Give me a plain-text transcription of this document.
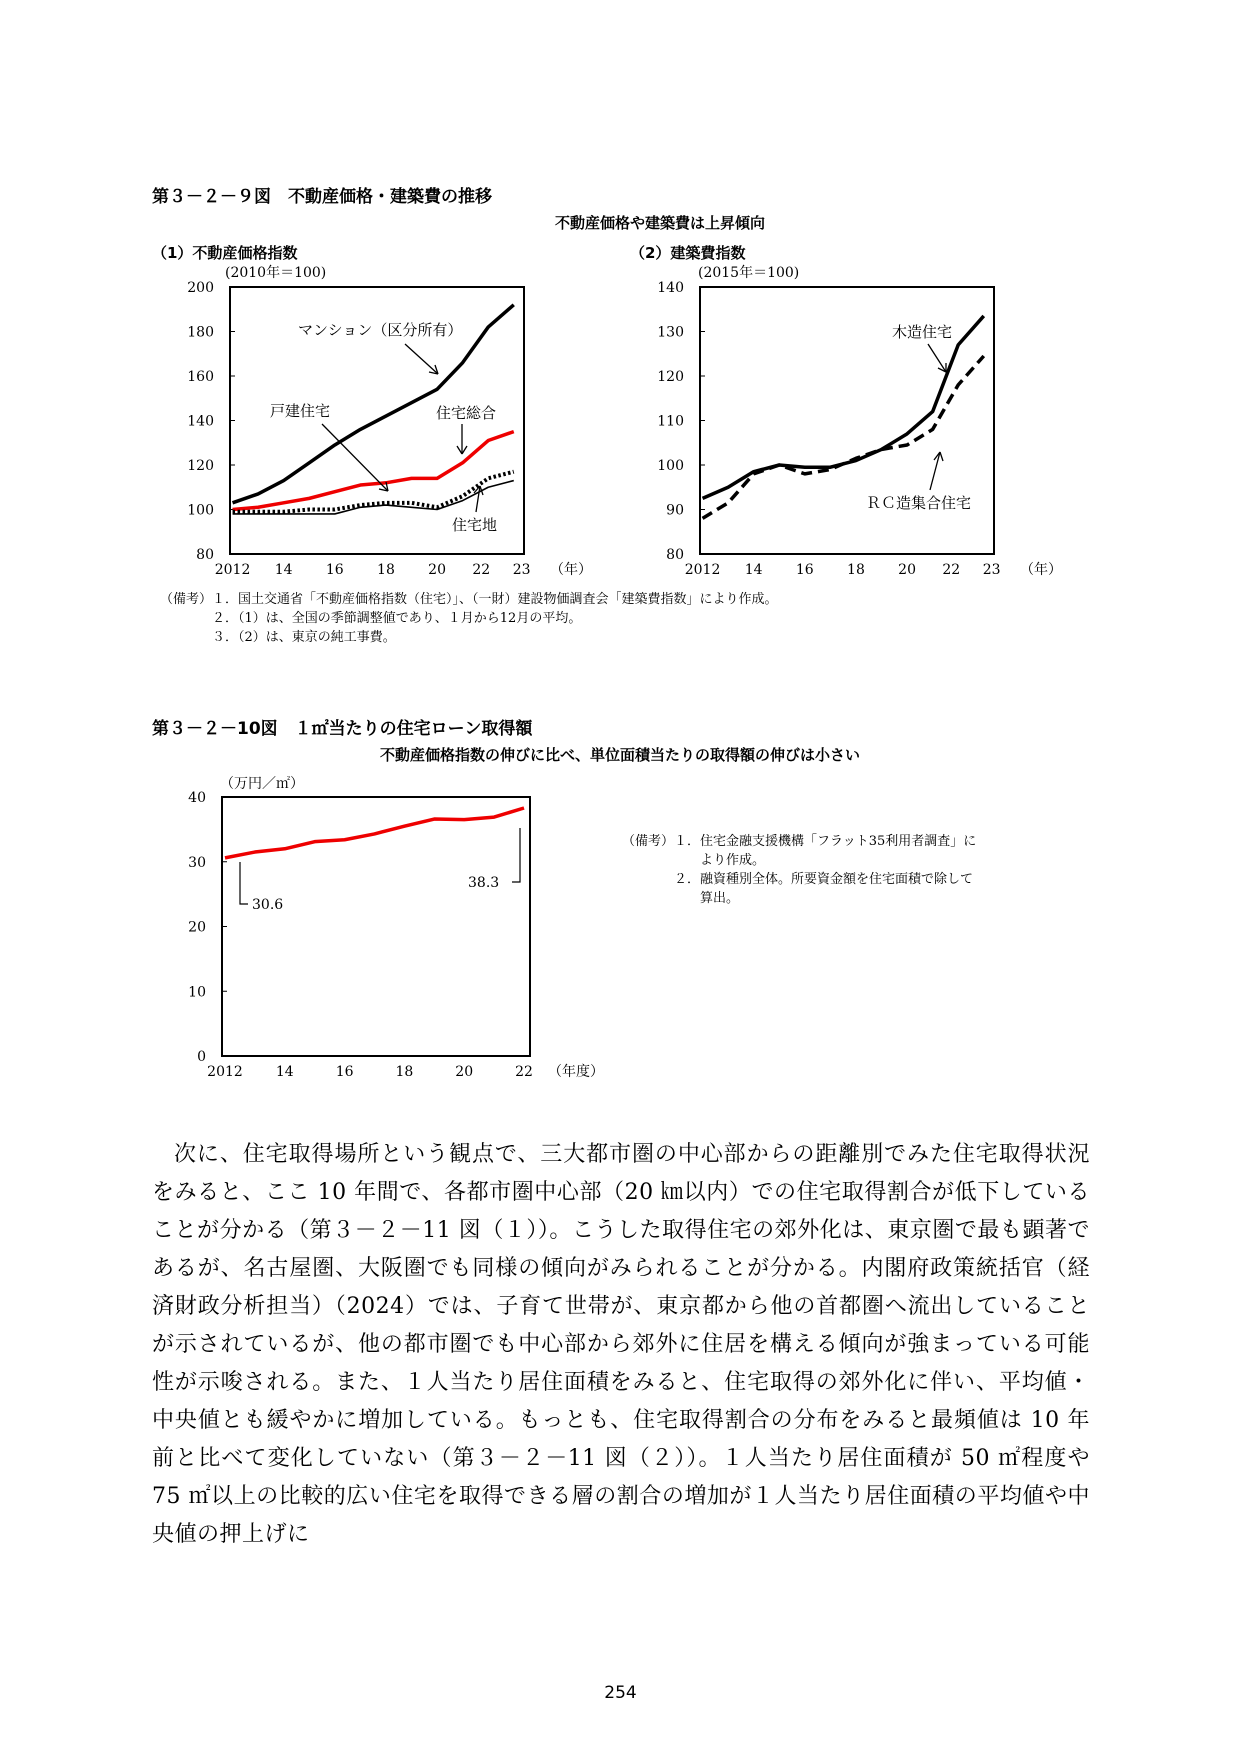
第３－２－９図　不動産価格・建築費の推移
不動産価格や建築費は上昇傾向
（1）不動産価格指数	（2）建築費指数
(2010年＝100)
80
100
120
140
160
180
200
2012 14 16 18 20 22 23 （年）
マンション（区分所有）
戸建住宅	住宅総合
住宅地
(2015年＝100)
80
90
100
110
120
130
140
2012 14 16 18 20 22 23 （年）
木造住宅
ＲＣ造集合住宅
（備考）１．国土交通省「不動産価格指数（住宅）」、（一財）建設物価調査会「建築費指数」により作成。
　　　　２．（1）は、全国の季節調整値であり、１月から12月の平均。
　　　　３．（2）は、東京の純工事費。
第３－２－10図　１㎡当たりの住宅ローン取得額
不動産価格指数の伸びに比べ、単位面積当たりの取得額の伸びは小さい
（万円／㎡）
0
10
20
30
40
2012 14	16	18	20	22 （年度）
30.6
38.3
（備考）１．住宅金融支援機構「フラット35利用者調査」に
　　　　　　より作成。
　　　　２．融資種別全体。所要資金額を住宅面積で除して
　　　　　　算出。
次に、住宅取得場所という観点で、三大都市圏の中心部からの距離別でみた住宅取得状況をみると、ここ 10 年間で、各都市圏中心部（20 ㎞以内）での住宅取得割合が低下していることが分かる（第３－２－11 図（１））。こうした取得住宅の郊外化は、東京圏で最も顕著であるが、名古屋圏、大阪圏でも同様の傾向がみられることが分かる。内閣府政策統括官（経済財政分析担当）（2024）では、子育て世帯が、東京都から他の首都圏へ流出していることが示されているが、他の都市圏でも中心部から郊外に住居を構える傾向が強まっている可能性が示唆される。また、１人当たり居住面積をみると、住宅取得の郊外化に伴い、平均値・中央値とも緩やかに増加している。もっとも、住宅取得割合の分布をみると最頻値は 10 年前と比べて変化していない（第３－２－11 図（２））。１人当たり居住面積が 50 ㎡程度や 75 ㎡以上の比較的広い住宅を取得できる層の割合の増加が１人当たり居住面積の平均値や中央値の押上げに
254
